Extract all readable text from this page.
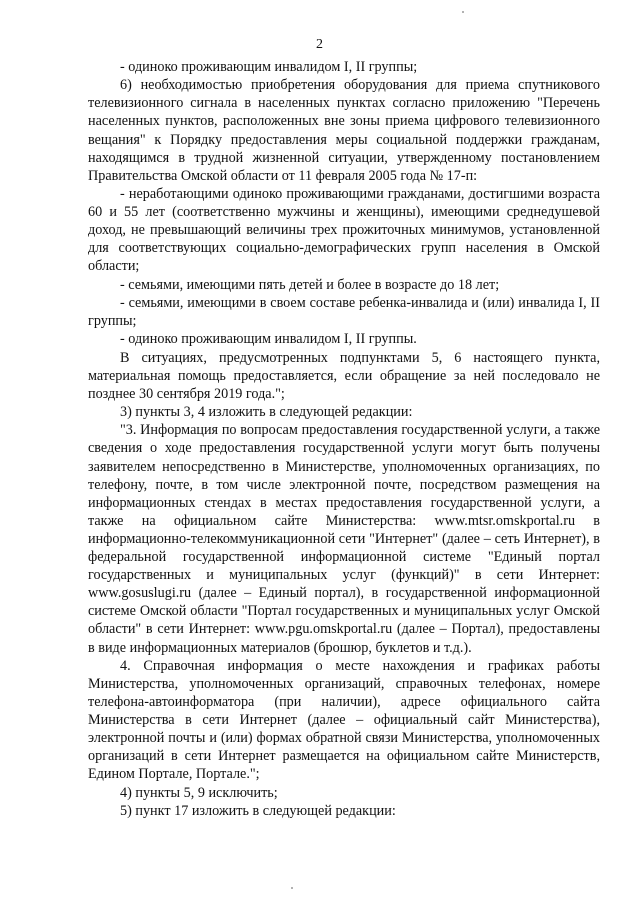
2

- одиноко проживающим инвалидом I, II группы;

6) необходимостью приобретения оборудования для приема спутникового телевизионного сигнала в населенных пунктах согласно приложению "Перечень населенных пунктов, расположенных вне зоны приема цифрового телевизионного вещания" к Порядку предоставления меры социальной поддержки гражданам, находящимся в трудной жизненной ситуации, утвержденному постановлением Правительства Омской области от 11 февраля 2005 года № 17-п:

- неработающими одиноко проживающими гражданами, достигшими возраста 60 и 55 лет (соответственно мужчины и женщины), имеющими среднедушевой доход, не превышающий величины трех прожиточных минимумов, установленной для соответствующих социально-демографических групп населения в Омской области;

- семьями, имеющими пять детей и более в возрасте до 18 лет;

- семьями, имеющими в своем составе ребенка-инвалида и (или) инвалида I, II группы;

- одиноко проживающим инвалидом I, II группы.

В ситуациях, предусмотренных подпунктами 5, 6 настоящего пункта, материальная помощь предоставляется, если обращение за ней последовало не позднее 30 сентября 2019 года.";

3) пункты 3, 4 изложить в следующей редакции:

"3. Информация по вопросам предоставления государственной услуги, а также сведения о ходе предоставления государственной услуги могут быть получены заявителем непосредственно в Министерстве, уполномоченных организациях, по телефону, почте, в том числе электронной почте, посредством размещения на информационных стендах в местах предоставления государственной услуги, а также на официальном сайте Министерства: www.mtsr.omskportal.ru в информационно-телекоммуникационной сети "Интернет" (далее – сеть Интернет), в федеральной государственной информационной системе "Единый портал государственных и муниципальных услуг (функций)" в сети Интернет: www.gosuslugi.ru (далее – Единый портал), в государственной информационной системе Омской области "Портал государственных и муниципальных услуг Омской области" в сети Интернет: www.pgu.omskportal.ru (далее – Портал), предоставлены в виде информационных материалов (брошюр, буклетов и т.д.).

4. Справочная информация о месте нахождения и графиках работы Министерства, уполномоченных организаций, справочных телефонах, номере телефона-автоинформатора (при наличии), адресе официального сайта Министерства в сети Интернет (далее – официальный сайт Министерства), электронной почты и (или) формах обратной связи Министерства, уполномоченных организаций в сети Интернет размещается на официальном сайте Министерств, Едином Портале, Портале.";

4) пункты 5, 9 исключить;

5) пункт 17 изложить в следующей редакции:
